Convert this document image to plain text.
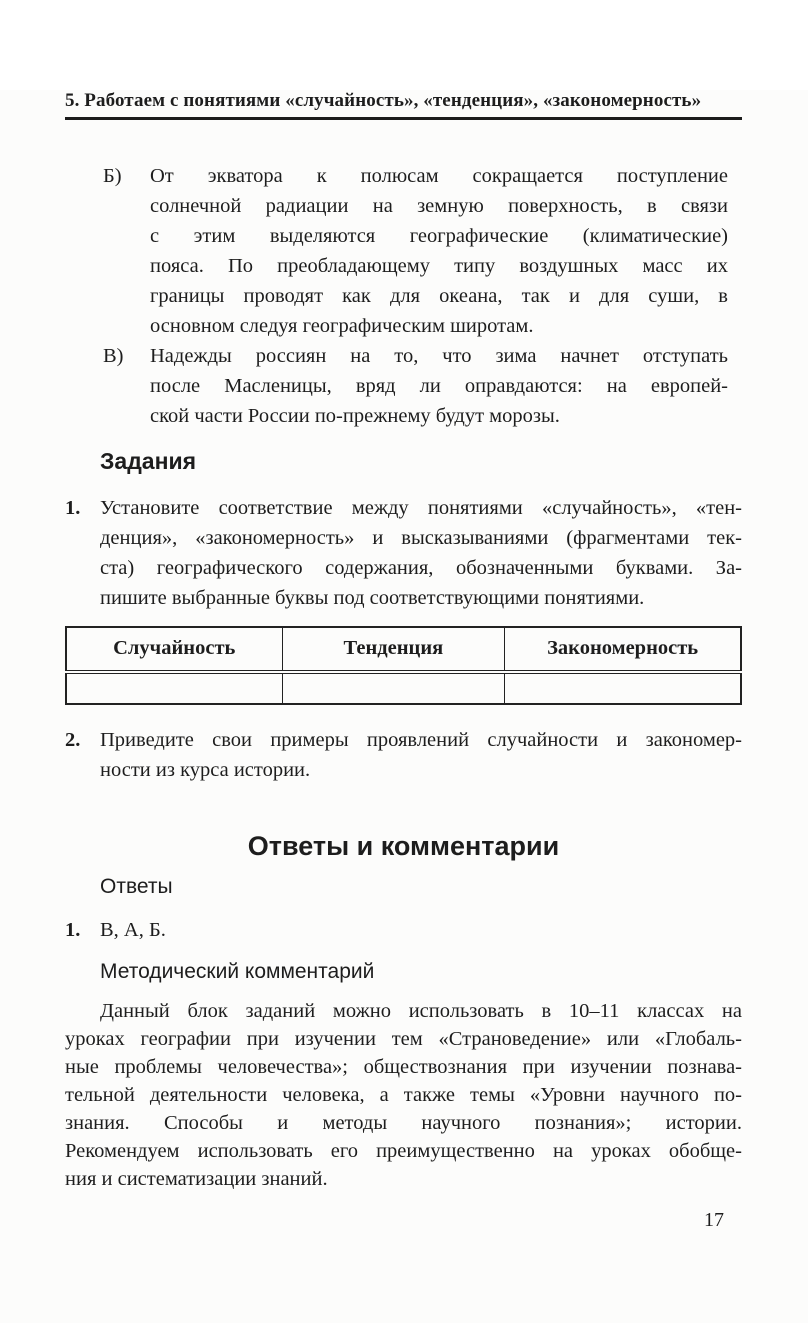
5. Работаем с понятиями «случайность», «тенденция», «закономерность»
Б)	От экватора к полюсам сокращается поступление
солнечной радиации на земную поверхность, в связи
с этим выделяются географические (климатические)
пояса. По преобладающему типу воздушных масс их
границы проводят как для океана, так и для суши, в
основном следуя географическим широтам.
В)	Надежды россиян на то, что зима начнет отступать
после Масленицы, вряд ли оправдаются: на европей-
ской части России по-прежнему будут морозы.
Задания
1. Установите соответствие между понятиями «случайность», «тен-
денция», «закономерность» и высказываниями (фрагментами тек-
ста) географического содержания, обозначенными буквами. За-
пишите выбранные буквы под соответствующими понятиями.
Случайность	Тенденция	Закономерность

2. Приведите свои примеры проявлений случайности и закономер-
ности из курса истории.
Ответы и комментарии
Ответы
1. В, А, Б.
Методический комментарий
Данный блок заданий можно использовать в 10–11 классах на
уроках географии при изучении тем «Страноведение» или «Глобаль-
ные проблемы человечества»; обществознания при изучении познава-
тельной деятельности человека, а также темы «Уровни научного по-
знания. Способы и методы научного познания»; истории.
Рекомендуем использовать его преимущественно на уроках обобще-
ния и систематизации знаний.
17
